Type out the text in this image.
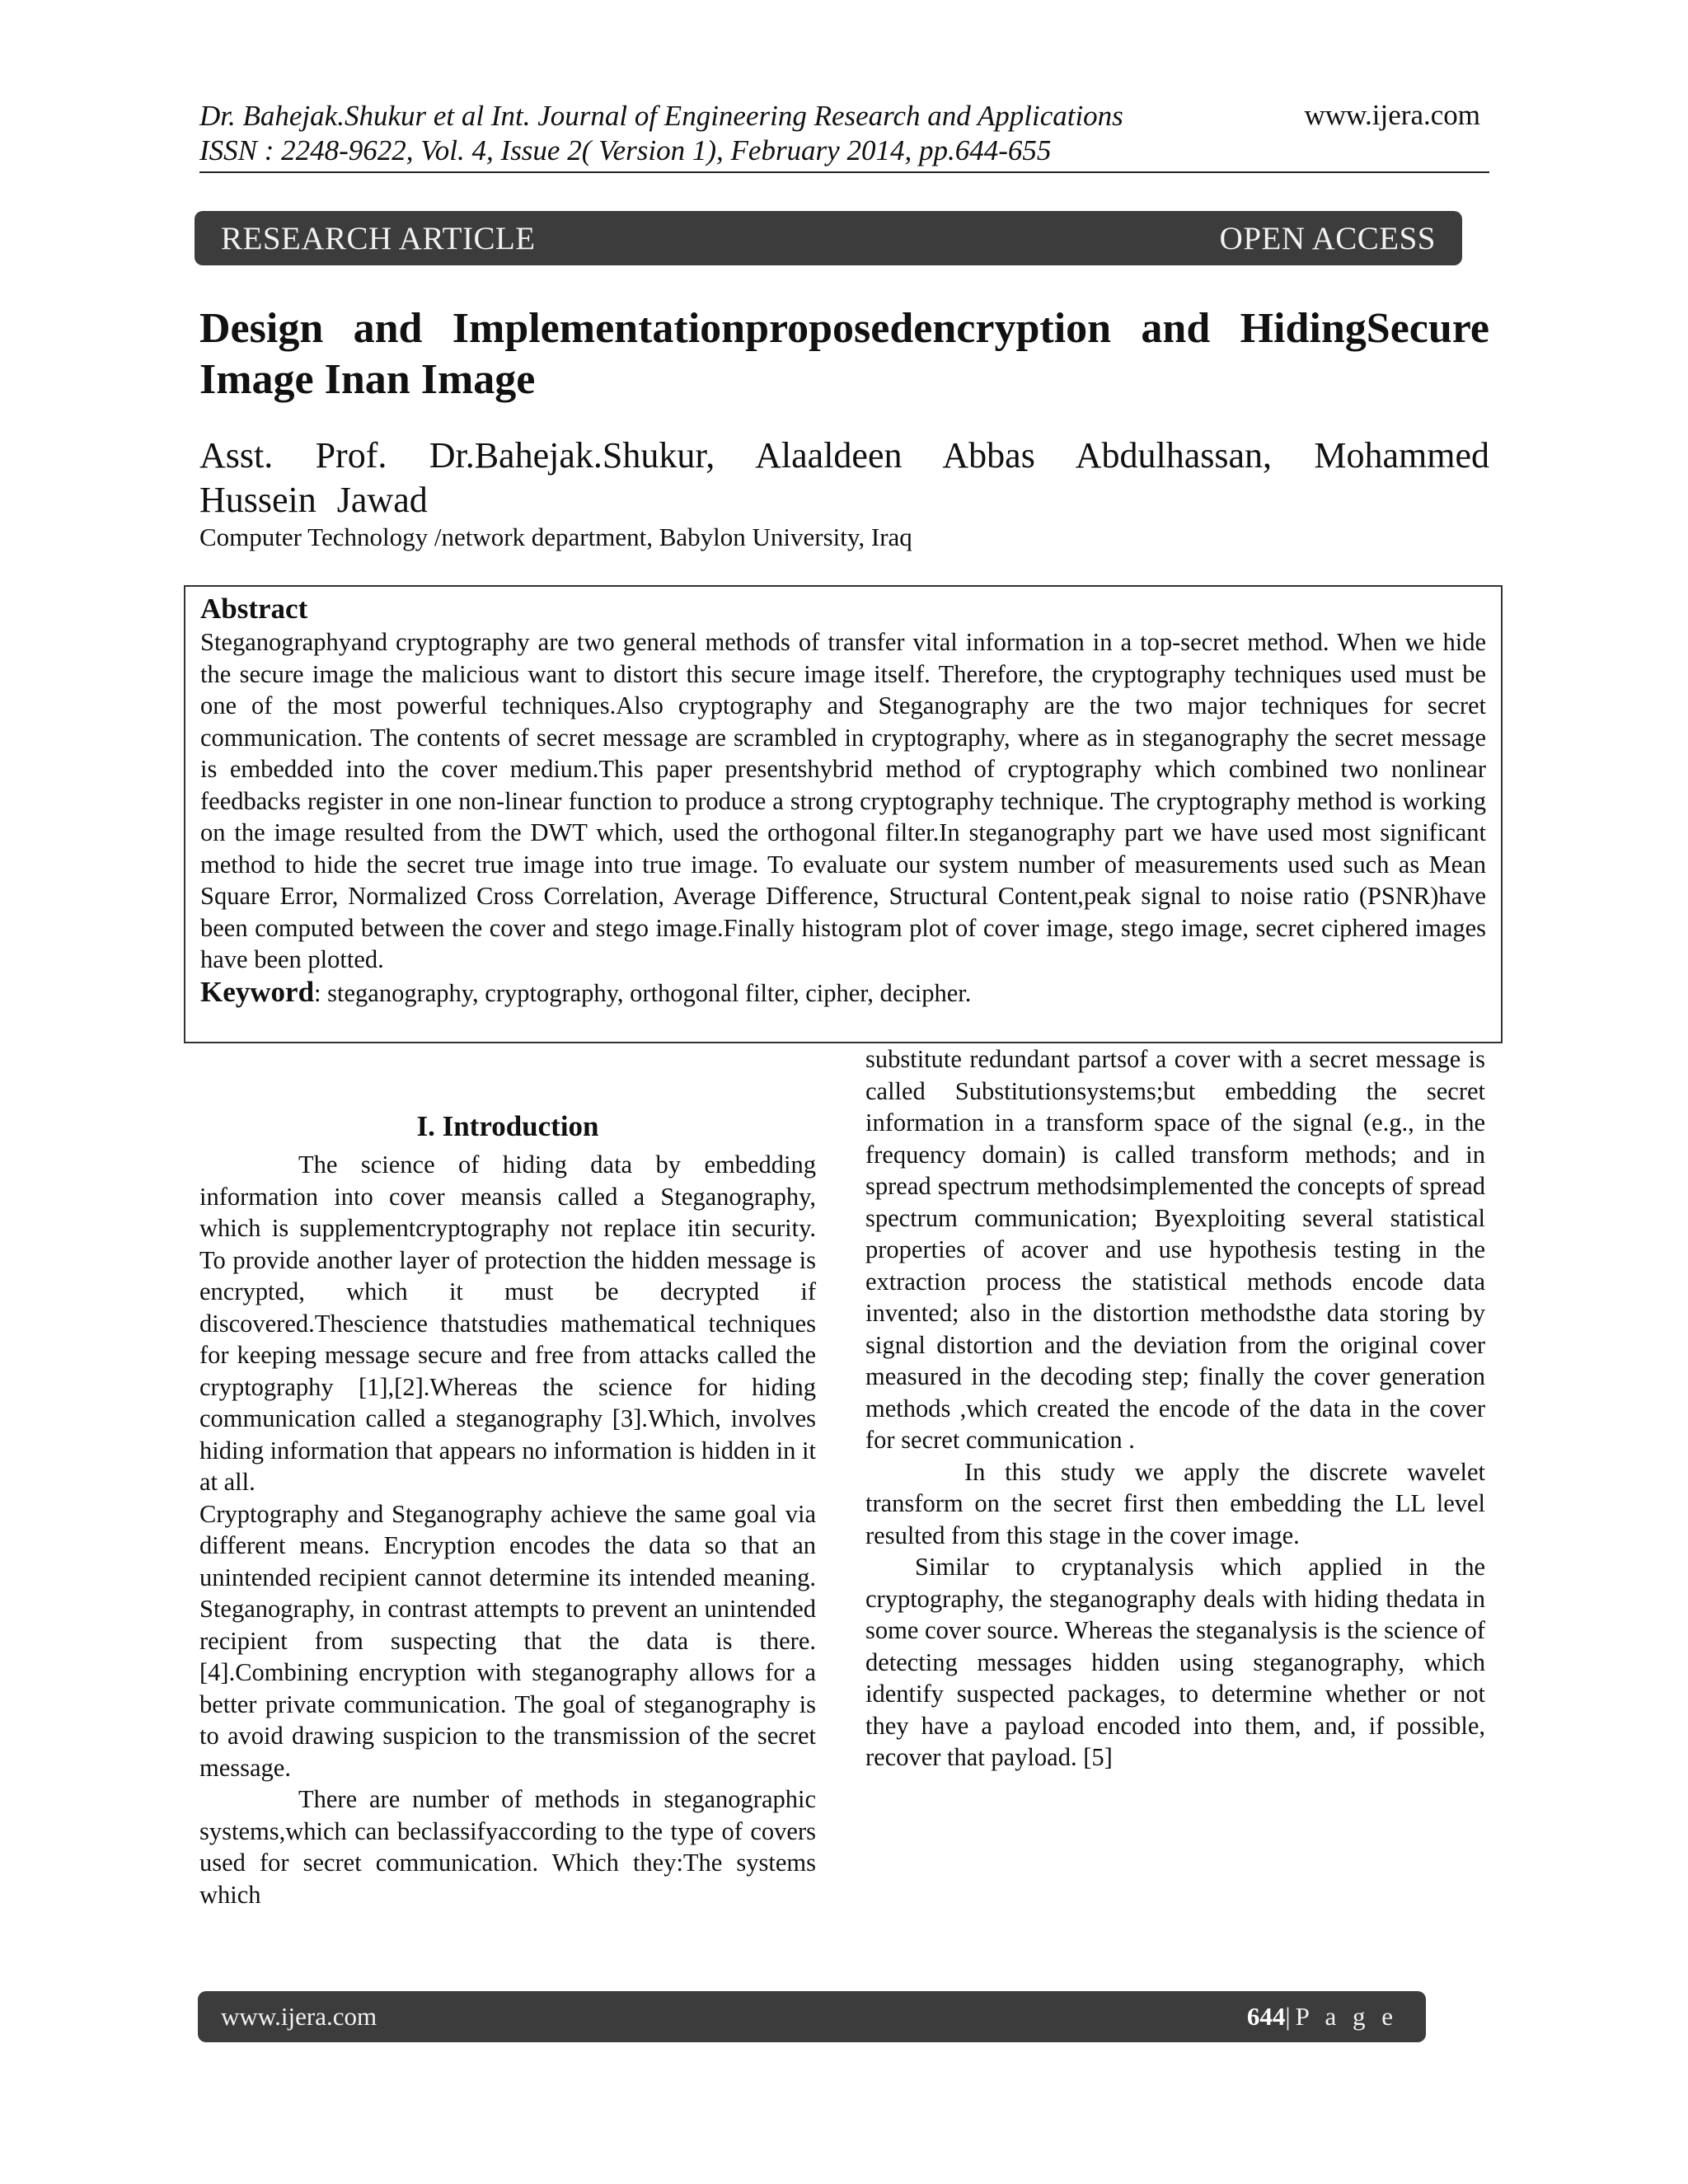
Dr. Bahejak.Shukur et al Int. Journal of Engineering Research and Applications
ISSN : 2248-9622, Vol. 4, Issue 2( Version 1), February 2014, pp.644-655
www.ijera.com
RESEARCH ARTICLE	OPEN ACCESS
Design and Implementationproposedencryption and HidingSecure Image Inan Image
Asst. Prof. Dr.Bahejak.Shukur, Alaaldeen Abbas Abdulhassan, Mohammed Hussein Jawad
Computer Technology /network department, Babylon University, Iraq
Abstract
Steganographyand cryptography are two general methods of transfer vital information in a top-secret method. When we hide the secure image the malicious want to distort this secure image itself. Therefore, the cryptography techniques used must be one of the most powerful techniques.Also cryptography and Steganography are the two major techniques for secret communication. The contents of secret message are scrambled in cryptography, where as in steganography the secret message is embedded into the cover medium.This paper presentshybrid method of cryptography which combined two nonlinear feedbacks register in one non-linear function to produce a strong cryptography technique. The cryptography method is working on the image resulted from the DWT which, used the orthogonal filter.In steganography part we have used most significant method to hide the secret true image into true image. To evaluate our system number of measurements used such as Mean Square Error, Normalized Cross Correlation, Average Difference, Structural Content,peak signal to noise ratio (PSNR)have been computed between the cover and stego image.Finally histogram plot of cover image, stego image, secret ciphered images have been plotted.
Keyword: steganography, cryptography, orthogonal filter, cipher, decipher.
I. Introduction

The science of hiding data by embedding information into cover meansis called a Steganography, which is supplementcryptography not replace itin security. To provide another layer of protection the hidden message is encrypted, which it must be decrypted if discovered.Thescience thatstudies mathematical techniques for keeping message secure and free from attacks called the cryptography [1],[2].Whereas the science for hiding communication called a steganography [3].Which, involves hiding information that appears no information is hidden in it at all.

Cryptography and Steganography achieve the same goal via different means. Encryption encodes the data so that an unintended recipient cannot determine its intended meaning. Steganography, in contrast attempts to prevent an unintended recipient from suspecting that the data is there. [4].Combining encryption with steganography allows for a better private communication. The goal of steganography is to avoid drawing suspicion to the transmission of the secret message.

There are number of methods in steganographic systems,which can beclassifyaccording to the type of covers used for secret communication. Which they:The systems which

substitute redundant partsof a cover with a secret message is called Substitutionsystems;but embedding the secret information in a transform space of the signal (e.g., in the frequency domain) is called transform methods; and in spread spectrum methodsimplemented the concepts of spread spectrum communication; Byexploiting several statistical properties of acover and use hypothesis testing in the extraction process the statistical methods encode data invented; also in the distortion methodsthe data storing by signal distortion and the deviation from the original cover measured in the decoding step; finally the cover generation methods ,which created the encode of the data in the cover for secret communication .

In this study we apply the discrete wavelet transform on the secret first then embedding the LL level resulted from this stage in the cover image.

Similar to cryptanalysis which applied in the cryptography, the steganography deals with hiding thedata in some cover source. Whereas the steganalysis is the science of detecting messages hidden using steganography, which identify suspected packages, to determine whether or not they have a payload encoded into them, and, if possible, recover that payload. [5]

www.ijera.com	644|P a g e
